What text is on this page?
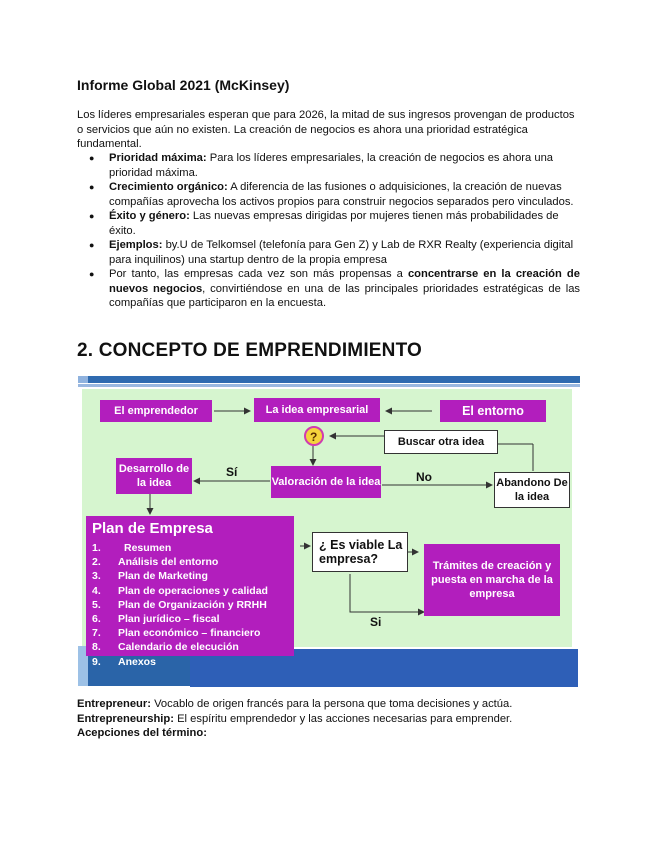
Informe Global 2021 (McKinsey)
Los líderes empresariales esperan que para 2026, la mitad de sus ingresos provengan de productos o servicios que aún no existen. La creación de negocios es ahora una prioridad estratégica fundamental.
● Prioridad máxima: Para los líderes empresariales, la creación de negocios es ahora una prioridad máxima.
● Crecimiento orgánico: A diferencia de las fusiones o adquisiciones, la creación de nuevas compañías aprovecha los activos propios para construir negocios separados pero vinculados.
● Éxito y género: Las nuevas empresas dirigidas por mujeres tienen más probabilidades de éxito.
● Ejemplos: by.U de Telkomsel (telefonía para Gen Z) y Lab de RXR Realty (experiencia digital para inquilinos) una startup dentro de la propia empresa
● Por tanto, las empresas cada vez son más propensas a concentrarse en la creación de nuevos negocios, convirtiéndose en una de las principales prioridades estratégicas de las compañías que participaron en la encuesta.
2. CONCEPTO DE EMPRENDIMIENTO
?
El emprendedor	La idea empresarial	El entorno
Buscar otra idea
Desarrollo de la idea	Valoración de la idea	Abandono De la idea
Sí	No
Plan de Empresa
1. Resumen
2. Análisis del entorno
3. Plan de Marketing
4. Plan de operaciones y calidad
5. Plan de Organización y RRHH
6. Plan jurídico – fiscal
7. Plan económico – financiero
8. Calendario de elecución
9. Anexos
¿ Es viable La empresa?	Trámites de creación y puesta en marcha de la empresa
Si
Entrepreneur: Vocablo de origen francés para la persona que toma decisiones y actúa.
Entrepreneurship: El espíritu emprendedor y las acciones necesarias para emprender.
Acepciones del término:
